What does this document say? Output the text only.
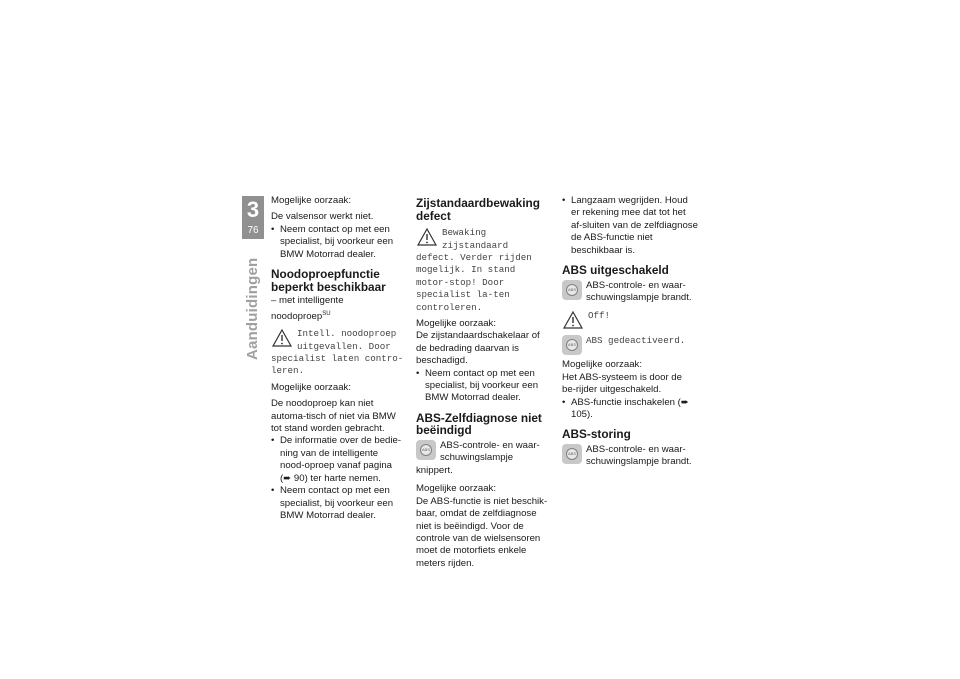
3
76
Aanduidingen

Mogelijke oorzaak:

De valsensor werkt niet.

• Neem contact op met een specialist, bij voorkeur een BMW Motorrad dealer.
Noodoproepfunctie beperkt beschikbaar

– met intelligente noodoproep$^{SU}$

Intell. noodoproep uitgevallen. Door specialist laten contro-leren.

Mogelijke oorzaak:

De noodoproep kan niet automa-tisch of niet via BMW tot stand worden gebracht.

• De informatie over de bedie-ning van de intelligente nood-oproep vanaf pagina (➨ 90) ter harte nemen.
• Neem contact op met een specialist, bij voorkeur een BMW Motorrad dealer.
Zijstandaardbewaking defect
Bewaking zijstandaard defect. Verder rijden mogelijk. In stand motor-stop! Door specialist la-ten controleren.

Mogelijke oorzaak:

De zijstandaardschakelaar of de bedrading daarvan is beschadigd.

• Neem contact op met een specialist, bij voorkeur een BMW Motorrad dealer.
ABS-Zelfdiagnose niet beëindigd
ABS ABS-controle- en waar-schuwingslampje knippert.

Mogelijke oorzaak:

De ABS-functie is niet beschik-baar, omdat de zelfdiagnose niet is beëindigd. Voor de controle van de wielsensoren moet de motorfiets enkele meters rijden.

• Langzaam wegrijden. Houd er rekening mee dat tot het af-sluiten van de zelfdiagnose de ABS-functie niet beschikbaar is.
ABS uitgeschakeld
ABS ABS-controle- en waar-schuwingslampje brandt.
Off!
ABS ABS gedeactiveerd.

Mogelijke oorzaak:

Het ABS-systeem is door de be-rijder uitgeschakeld.

• ABS-functie inschakelen (➨ 105).
ABS-storing
ABS ABS-controle- en waar-schuwingslampje brandt.
